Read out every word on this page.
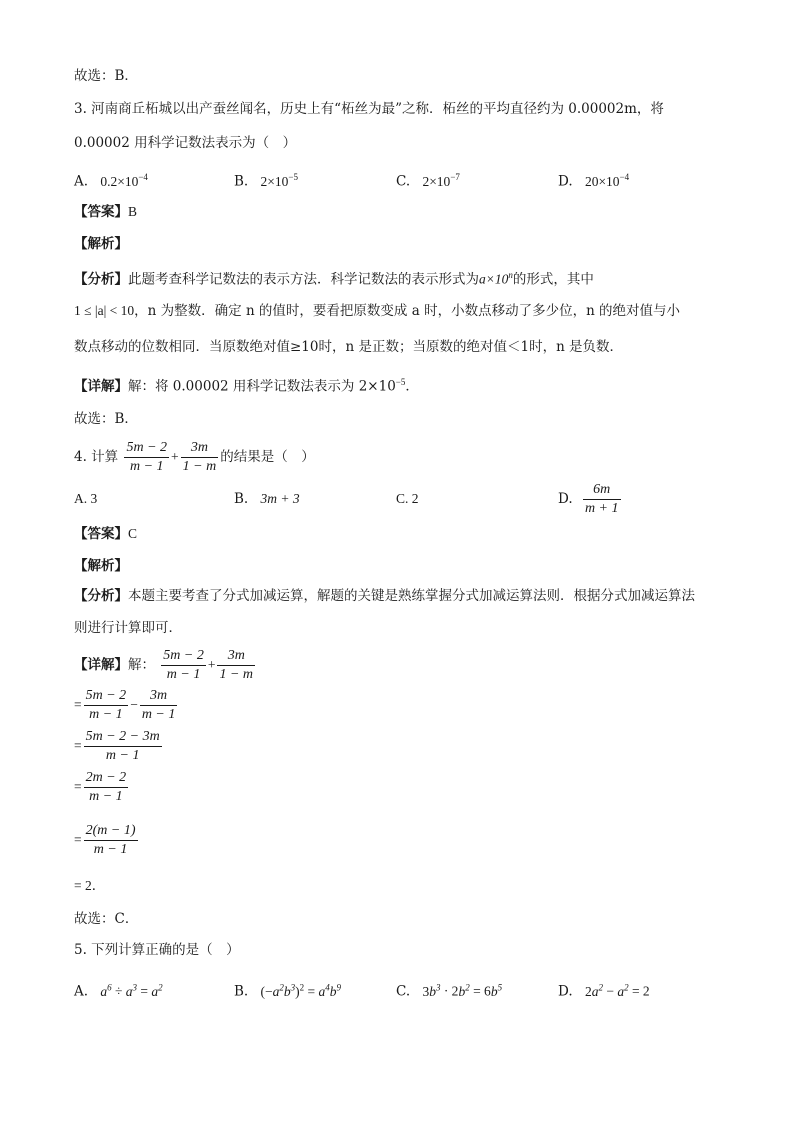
故选：B．
3. 河南商丘柘城以出产蚕丝闻名，历史上有“柘丝为最”之称．柘丝的平均直径约为 0.00002m，将
0.00002 用科学记数法表示为（　）
A. $0.2\times 10^{-4}$	B. $2\times 10^{-5}$	C. $2\times 10^{-7}$	D. $20\times 10^{-4}$
【答案】B
【解析】
【分析】此题考查科学记数法的表示方法．科学记数法的表示形式为$a\times 10^n$的形式，其中
1 ≤ |a| < 10，n 为整数．确定 n 的值时，要看把原数变成 a 时，小数点移动了多少位，n 的绝对值与小
数点移动的位数相同．当原数绝对值≥10时，n 是正数；当原数的绝对值＜1时，n 是负数．
【详解】解：将 0.00002 用科学记数法表示为 $2\times 10^{-5}$．
故选：B．
4. 计算 $\frac{5m - 2}{m - 1} + \frac{3m}{1 - m}$ 的结果是（　）
A. 3	B. 3m + 3	C. 2	D. $\frac{6m}{m + 1}$
【答案】C
【解析】
【分析】本题主要考查了分式加减运算，解题的关键是熟练掌握分式加减运算法则．根据分式加减运算法
则进行计算即可．
【详解】解： $\frac{5m - 2}{m - 1} + \frac{3m}{1 - m}$
= $\frac{5m - 2}{m - 1} - \frac{3m}{m - 1}$
= $\frac{5m - 2 - 3m}{m - 1}$
= $\frac{2m - 2}{m - 1}$
= $\frac{2(m - 1)}{m - 1}$
= 2．
故选：C．
5. 下列计算正确的是（　）
A. $a^6 \div a^3 = a^2$	B. $(-a^2b^3)^2 = a^4b^9$	C. $3b^3 \cdot 2b^2 = 6b^5$	D. $2a^2 - a^2 = 2$
